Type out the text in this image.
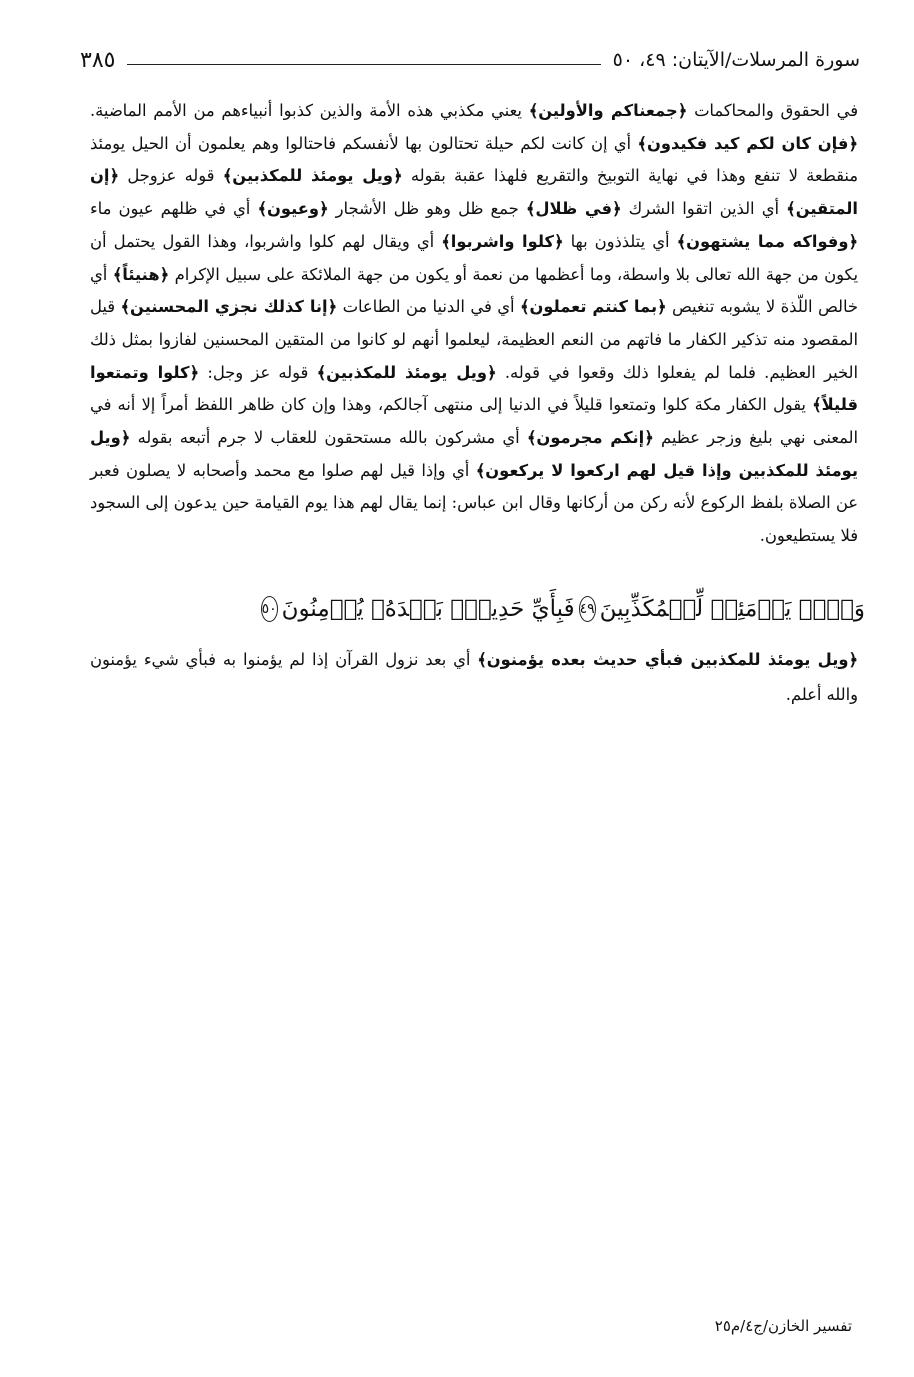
سورة المرسلات/الآيتان: ٤٩، ٥٠
٣٨٥

في الحقوق والمحاكمات ﴿جمعناكم والأولين﴾ يعني مكذبي هذه الأمة والذين كذبوا أنبياءهم من الأمم الماضية. ﴿فإن كان لكم كيد فكيدون﴾ أي إن كانت لكم حيلة تحتالون بها لأنفسكم فاحتالوا وهم يعلمون أن الحيل يومئذ منقطعة لا تنفع وهذا في نهاية التوبيخ والتقريع فلهذا عقبة بقوله ﴿ويل يومئذ للمكذبين﴾ قوله عزوجل ﴿إن المتقين﴾ أي الذين اتقوا الشرك ﴿في ظلال﴾ جمع ظل وهو ظل الأشجار ﴿وعيون﴾ أي في ظلهم عيون ماء ﴿وفواكه مما يشتهون﴾ أي يتلذذون بها ﴿كلوا واشربوا﴾ أي ويقال لهم كلوا واشربوا، وهذا القول يحتمل أن يكون من جهة الله تعالى بلا واسطة، وما أعظمها من نعمة أو يكون من جهة الملائكة على سبيل الإكرام ﴿هنيئاً﴾ أي خالص اللّذة لا يشوبه تنغيص ﴿بما كنتم تعملون﴾ أي في الدنيا من الطاعات ﴿إنا كذلك نجزي المحسنين﴾ قيل المقصود منه تذكير الكفار ما فاتهم من النعم العظيمة، ليعلموا أنهم لو كانوا من المتقين المحسنين لفازوا بمثل ذلك الخير العظيم. فلما لم يفعلوا ذلك وقعوا في قوله. ﴿ويل يومئذ للمكذبين﴾ قوله عز وجل: ﴿كلوا وتمتعوا قليلاً﴾ يقول الكفار مكة كلوا وتمتعوا قليلاً في الدنيا إلى منتهى آجالكم، وهذا وإن كان ظاهر اللفظ أمراً إلا أنه في المعنى نهي بليغ وزجر عظيم ﴿إنكم مجرمون﴾ أي مشركون بالله مستحقون للعقاب لا جرم أتبعه بقوله ﴿ويل يومئذ للمكذبين وإذا قيل لهم اركعوا لا يركعون﴾ أي وإذا قيل لهم صلوا مع محمد وأصحابه لا يصلون فعبر عن الصلاة بلفظ الركوع لأنه ركن من أركانها وقال ابن عباس: إنما يقال لهم هذا يوم القيامة حين يدعون إلى السجود فلا يستطيعون.

وَيۡلٞ يَوۡمَئِذٖ لِّلۡمُكَذِّبِينَ
٤٩
فَبِأَيِّ حَدِيثِۭ بَعۡدَهُۥ يُؤۡمِنُونَ
٥٠
﴿ويل يومئذ للمكذبين فبأي حديث بعده يؤمنون﴾ أي بعد نزول القرآن إذا لم يؤمنوا به فبأي شيء يؤمنون والله أعلم.
تفسير الخازن/ج٤/م٢٥
